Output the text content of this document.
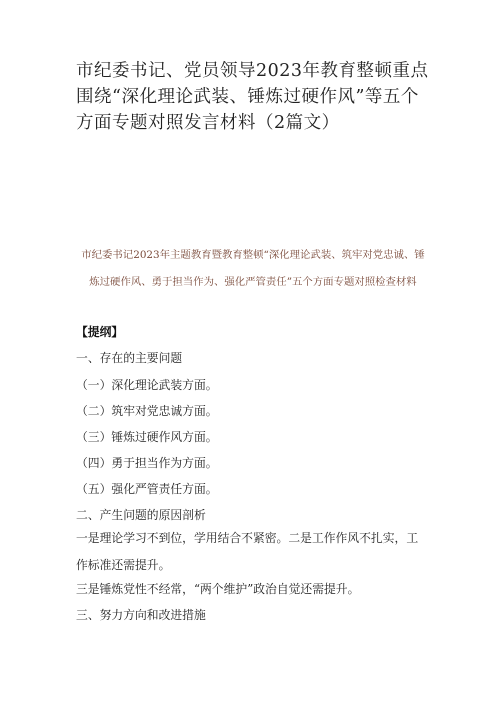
市纪委书记、党员领导2023年教育整顿重点围绕“深化理论武装、锤炼过硬作风”等五个方面专题对照发言材料（2篇文）
市纪委书记2023年主题教育暨教育整顿“深化理论武装、筑牢对党忠诚、锤炼过硬作风、勇于担当作为、强化严管责任”五个方面专题对照检查材料
【提纲】
一、存在的主要问题
（一）深化理论武装方面。
（二）筑牢对党忠诚方面。
（三）锤炼过硬作风方面。
（四）勇于担当作为方面。
（五）强化严管责任方面。
二、产生问题的原因剖析
一是理论学习不到位，学用结合不紧密。二是工作作风不扎实，工作标准还需提升。
三是锤炼党性不经常，“两个维护”政治自觉还需提升。
三、努力方向和改进措施
